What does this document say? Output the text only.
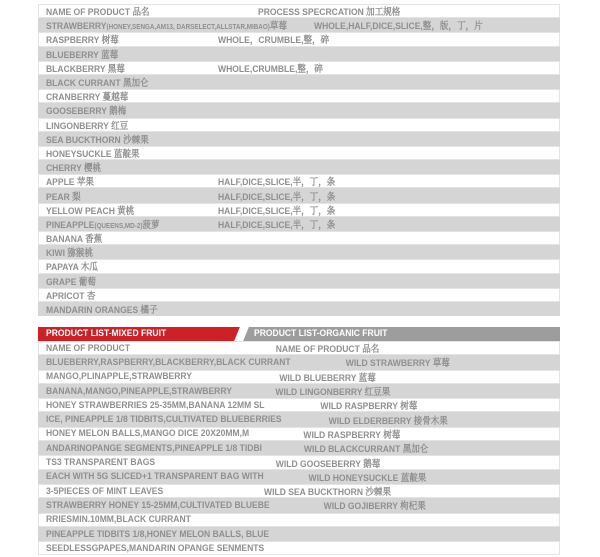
NAME OF PRODUCT 品名	PROCESS SPECRCATION 加工规格
STRAWBERRY(HONEY,SENGA,AM13, DARSELECT,ALLSTAR,MIBAO)草莓	WHOLE,HALF,DICE,SLICE,整，版，丁，片
RASPBERRY 树莓	WHOLE，CRUMBLE,整，碎
BLUEBERRY 蓝莓
BLACKBERRY 黑莓	WHOLE,CRUMBLE,整，碎
BLACK CURRANT 黑加仑
CRANBERRY 蔓越莓
GOOSEBERRY 鹅梅
LINGONBERRY 红豆
SEA BUCKTHORN 沙棘果
HONEYSUCKLE 蓝靛果
CHERRY 樱桃
APPLE 苹果	HALF,DICE,SLICE,半，丁，条
PEAR 梨	HALF,DICE,SLICE,半，丁，条
YELLOW PEACH 黄桃	HALF,DICE,SLICE,半，丁，条
PINEAPPLE(QUEENS,MD-2)菠萝	HALF,DICE,SLICE,半，丁，条
BANANA 香蕉
KIWI 猕猴桃
PAPAYA 木瓜
GRAPE 葡萄
APRICOT 杏
MANDARIN ORANGES 橘子
PRODUCT LIST-MIXED FRUIT	PRODUCT LIST-ORGANIC FRUIT
NAME OF PRODUCT	NAME OF PRODUCT 品名
BLUEBERRY,RASPBERRY,BLACKBERRY,BLACK CURRANT	WILD STRAWBERRY 草莓
MANGO,PLINAPPLE,STRAWBERRY	WILD BLUEBERRY 蓝莓
BANANA,MANGO,PINEAPPLE,STRAWBERRY	WILD LINGONBERRY 红豆果
HONEY STRAWBERRIES 25-35MM,BANANA 12MM SL	WILD RASPBERRY 树莓
ICE, PINEAPPLE 1/8 TIDBITS,CULTIVATED BLUEBERRIES	WILD ELDERBERRY 接骨木果
HONEY MELON BALLS,MANGO DICE 20X20MM,M	WILD RASPBERRY 树莓
ANDARINOPANGE SEGMENTS,PINEAPPLE 1/8 TIDBI	WILD BLACKCURRANT 黑加仑
TS3 TRANSPARENT BAGS	WILD GOOSEBERRY 鹅莓
EACH WITH 5G SLICED+1 TRANSPARENT BAG WITH	WILD HONEYSUCKLE 蓝靛果
3-5PIECES OF MINT LEAVES	WILD SEA BUCKTHORN 沙棘果
STRAWBERRY HONEY 15-25MM,CULTIVATED BLUEBE	WILD GOJIBERRY 枸杞果
RRIESMIN.10MM,BLACK CURRANT
PINEAPPLE TIDBITS 1/8,HONEY MELON BALLS, BLUE
SEEDLESSGPAPES,MANDARIN OPANGE SENMENTS
